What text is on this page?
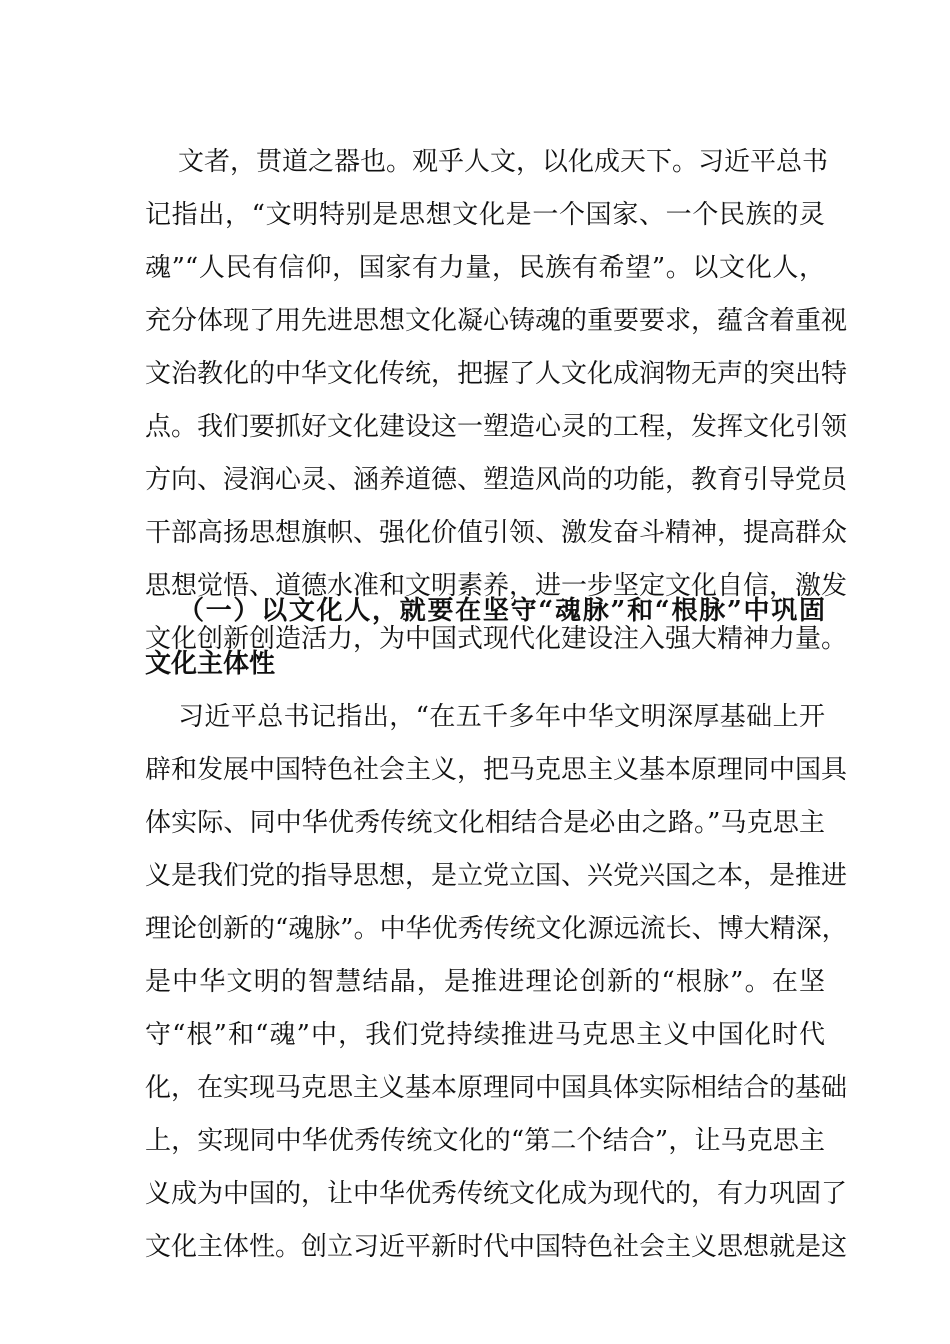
文者，贯道之器也。观乎人文，以化成天下。习近平总书
记指出，“文明特别是思想文化是一个国家、一个民族的灵
魂”“人民有信仰，国家有力量，民族有希望”。以文化人，
充分体现了用先进思想文化凝心铸魂的重要要求，蕴含着重视
文治教化的中华文化传统，把握了人文化成润物无声的突出特
点。我们要抓好文化建设这一塑造心灵的工程，发挥文化引领
方向、浸润心灵、涵养道德、塑造风尚的功能，教育引导党员
干部高扬思想旗帜、强化价值引领、激发奋斗精神，提高群众
思想觉悟、道德水准和文明素养，进一步坚定文化自信，激发
文化创新创造活力，为中国式现代化建设注入强大精神力量。
（一）以文化人，就要在坚守“魂脉”和“根脉”中巩固
文化主体性
习近平总书记指出，“在五千多年中华文明深厚基础上开
辟和发展中国特色社会主义，把马克思主义基本原理同中国具
体实际、同中华优秀传统文化相结合是必由之路。”马克思主
义是我们党的指导思想，是立党立国、兴党兴国之本，是推进
理论创新的“魂脉”。中华优秀传统文化源远流长、博大精深，
是中华文明的智慧结晶，是推进理论创新的“根脉”。在坚
守“根”和“魂”中，我们党持续推进马克思主义中国化时代
化，在实现马克思主义基本原理同中国具体实际相结合的基础
上，实现同中华优秀传统文化的“第二个结合”，让马克思主
义成为中国的，让中华优秀传统文化成为现代的，有力巩固了
文化主体性。创立习近平新时代中国特色社会主义思想就是这
